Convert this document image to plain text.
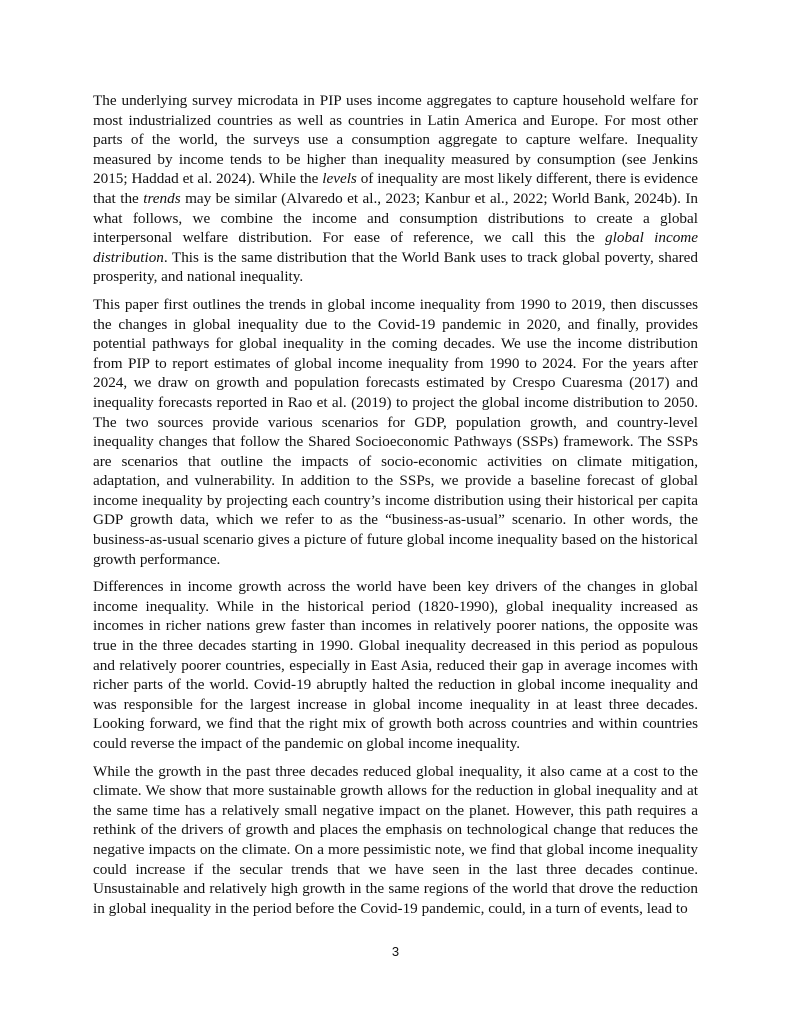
The underlying survey microdata in PIP uses income aggregates to capture household welfare for most industrialized countries as well as countries in Latin America and Europe. For most other parts of the world, the surveys use a consumption aggregate to capture welfare. Inequality measured by income tends to be higher than inequality measured by consumption (see Jenkins 2015; Haddad et al. 2024). While the levels of inequality are most likely different, there is evidence that the trends may be similar (Alvaredo et al., 2023; Kanbur et al., 2022; World Bank, 2024b). In what follows, we combine the income and consumption distributions to create a global interpersonal welfare distribution. For ease of reference, we call this the global income distribution. This is the same distribution that the World Bank uses to track global poverty, shared prosperity, and national inequality.

This paper first outlines the trends in global income inequality from 1990 to 2019, then discusses the changes in global inequality due to the Covid-19 pandemic in 2020, and finally, provides potential pathways for global inequality in the coming decades. We use the income distribution from PIP to report estimates of global income inequality from 1990 to 2024. For the years after 2024, we draw on growth and population forecasts estimated by Crespo Cuaresma (2017) and inequality forecasts reported in Rao et al. (2019) to project the global income distribution to 2050. The two sources provide various scenarios for GDP, population growth, and country-level inequality changes that follow the Shared Socioeconomic Pathways (SSPs) framework. The SSPs are scenarios that outline the impacts of socio-economic activities on climate mitigation, adaptation, and vulnerability. In addition to the SSPs, we provide a baseline forecast of global income inequality by projecting each country’s income distribution using their historical per capita GDP growth data, which we refer to as the “business-as-usual” scenario. In other words, the business-as-usual scenario gives a picture of future global income inequality based on the historical growth performance.

Differences in income growth across the world have been key drivers of the changes in global income inequality. While in the historical period (1820-1990), global inequality increased as incomes in richer nations grew faster than incomes in relatively poorer nations, the opposite was true in the three decades starting in 1990. Global inequality decreased in this period as populous and relatively poorer countries, especially in East Asia, reduced their gap in average incomes with richer parts of the world. Covid-19 abruptly halted the reduction in global income inequality and was responsible for the largest increase in global income inequality in at least three decades. Looking forward, we find that the right mix of growth both across countries and within countries could reverse the impact of the pandemic on global income inequality.

While the growth in the past three decades reduced global inequality, it also came at a cost to the climate. We show that more sustainable growth allows for the reduction in global inequality and at the same time has a relatively small negative impact on the planet. However, this path requires a rethink of the drivers of growth and places the emphasis on technological change that reduces the negative impacts on the climate. On a more pessimistic note, we find that global income inequality could increase if the secular trends that we have seen in the last three decades continue. Unsustainable and relatively high growth in the same regions of the world that drove the reduction in global inequality in the period before the Covid-19 pandemic, could, in a turn of events, lead to

3
